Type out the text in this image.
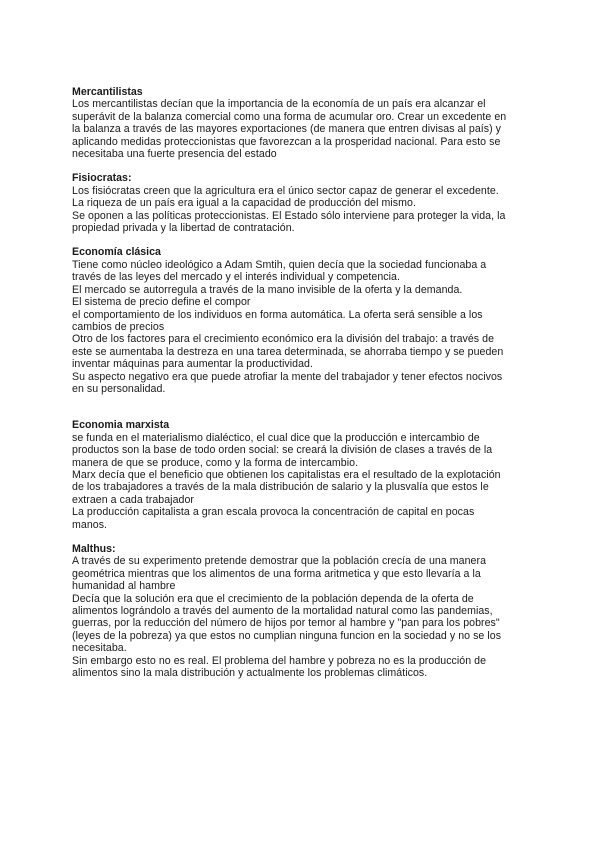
Mercantilistas

Los mercantilistas decían que la importancia de la economía de un país era alcanzar el

superávit de la balanza comercial como una forma de acumular oro. Crear un excedente en

la balanza a través de las mayores exportaciones (de manera que entren divisas al país) y

aplicando medidas proteccionistas que favorezcan a la prosperidad nacional. Para esto se

necesitaba una fuerte presencia del estado

Fisiocratas:

Los fisiócratas creen que la agricultura era el único sector capaz de generar el excedente.

La riqueza de un país era igual a la capacidad de producción del mismo.

Se oponen a las políticas proteccionistas. El Estado sólo interviene para proteger la vida, la

propiedad privada y la libertad de contratación.

Economía clásica

Tiene como núcleo ideológico a Adam Smtih, quien decía que la sociedad funcionaba a

través de las leyes del mercado y el interés individual y competencia.

El mercado se autorregula a través de la mano invisible de la oferta y la demanda.

El sistema de precio define el compor

el comportamiento de los individuos en forma automática. La oferta será sensible a los

cambios de precios

Otro de los factores para el crecimiento económico era la división del trabajo: a través de

este se aumentaba la destreza en una tarea determinada, se ahorraba tiempo y se pueden

inventar máquinas para aumentar la productividad.

Su aspecto negativo era que puede atrofiar la mente del trabajador y tener efectos nocivos

en su personalidad.

Economia marxista

se funda en el materialismo dialéctico, el cual dice que la producción e intercambio de

productos son la base de todo orden social: se creará la división de clases a través de la

manera de que se produce, como y la forma de intercambio.

Marx decía que el beneficio que obtienen los capitalistas era el resultado de la explotación

de los trabajadores a través de la mala distribución de salario y la plusvalía que estos le

extraen a cada trabajador

La producción capitalista a gran escala provoca la concentración de capital en pocas

manos.

Malthus:

A través de su experimento pretende demostrar que la población crecía de una manera

geométrica mientras que los alimentos de una forma aritmetica y que esto llevaría a la

humanidad al hambre

Decía que la solución era que el crecimiento de la población dependa de la oferta de

alimentos lográndolo a través del aumento de la mortalidad natural como las pandemias,

guerras, por la reducción del número de hijos por temor al hambre y "pan para los pobres"

(leyes de la pobreza) ya que estos no cumplian ninguna funcion en la sociedad y no se los

necesitaba.

Sin embargo esto no es real. El problema del hambre y pobreza no es la producción de

alimentos sino la mala distribución y actualmente los problemas climáticos.
